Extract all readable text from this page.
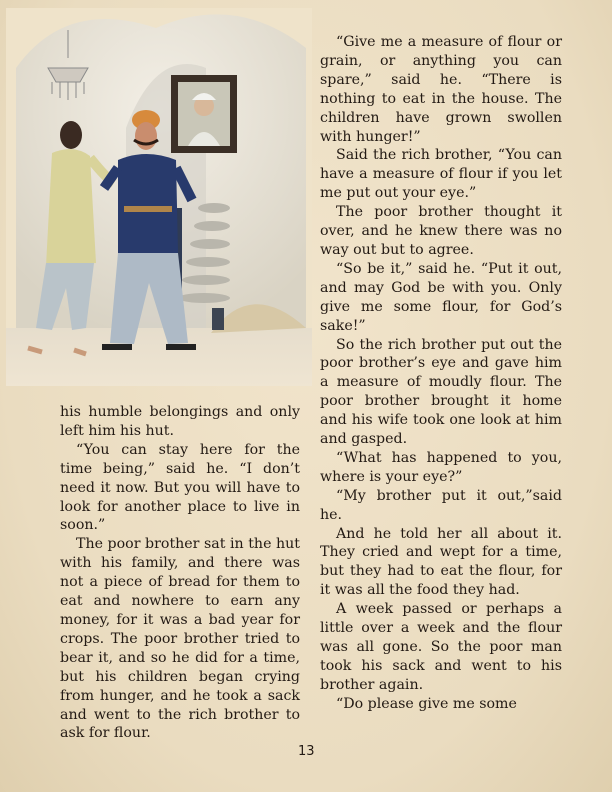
his humble belongings and only left him his hut.

“You can stay here for the time being,” said he. “I don’t need it now. But you will have to look for another place to live in soon.”

The poor brother sat in the hut with his family, and there was not a piece of bread for them to eat and nowhere to earn any money, for it was a bad year for crops. The poor brother tried to bear it, and so he did for a time, but his children began crying from hunger, and he took a sack and went to the rich brother to ask for flour.

“Give me a measure of flour or grain, or anything you can spare,” said he. “There is nothing to eat in the house. The children have grown swollen with hunger!”

Said the rich brother, “You can have a measure of flour if you let me put out your eye.”

The poor brother thought it over, and he knew there was no way out but to agree.

“So be it,” said he. “Put it out, and may God be with you. Only give me some flour, for God’s sake!”

So the rich brother put out the poor brother’s eye and gave him a measure of moudly flour. The poor brother brought it home and his wife took one look at him and gasped.

“What has happened to you, where is your eye?”

“My brother put it out,”said he.

And he told her all about it. They cried and wept for a time, but they had to eat the flour, for it was all the food they had.

A week passed or perhaps a little over a week and the flour was all gone. So the poor man took his sack and went to his brother again.

“Do please give me some

13
